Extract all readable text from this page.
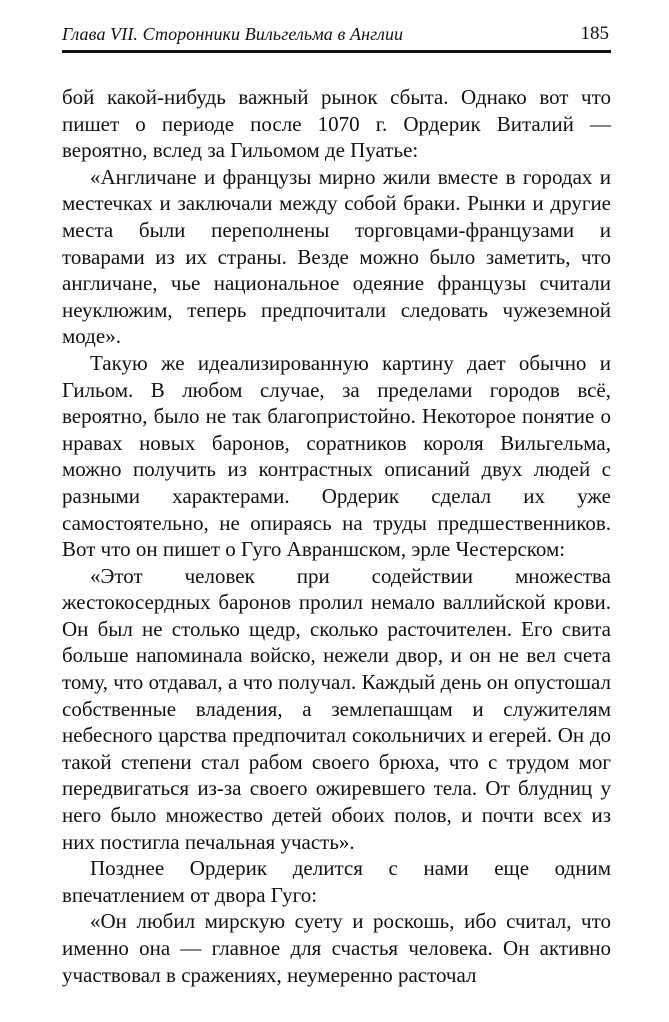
Глава VII. Сторонники Вильгельма в Англии	185

бой какой-нибудь важный рынок сбыта. Однако вот что пишет о периоде после 1070 г. Ордерик Виталий — вероятно, вслед за Гильомом де Пуатье:

«Англичане и французы мирно жили вместе в городах и местечках и заключали между собой браки. Рынки и другие места были переполнены торговцами-французами и товарами из их страны. Везде можно было заметить, что англичане, чье национальное одеяние французы считали неуклюжим, теперь предпочитали следовать чужеземной моде».

Такую же идеализированную картину дает обычно и Гильом. В любом случае, за пределами городов всё, вероятно, было не так благопристойно. Некоторое понятие о нравах новых баронов, соратников короля Вильгельма, можно получить из контрастных описаний двух людей с разными характерами. Ордерик сделал их уже самостоятельно, не опираясь на труды предшественников. Вот что он пишет о Гуго Авраншском, эрле Честерском:

«Этот человек при содействии множества жестокосердных баронов пролил немало валлийской крови. Он был не столько щедр, сколько расточителен. Его свита больше напоминала войско, нежели двор, и он не вел счета тому, что отдавал, а что получал. Каждый день он опустошал собственные владения, а землепашцам и служителям небесного царства предпочитал сокольничих и егерей. Он до такой степени стал рабом своего брюха, что с трудом мог передвигаться из-за своего ожиревшего тела. От блудниц у него было множество детей обоих полов, и почти всех из них постигла печальная участь».

Позднее Ордерик делится с нами еще одним впечатлением от двора Гуго:

«Он любил мирскую суету и роскошь, ибо считал, что именно она — главное для счастья человека. Он активно участвовал в сражениях, неумеренно расточал
